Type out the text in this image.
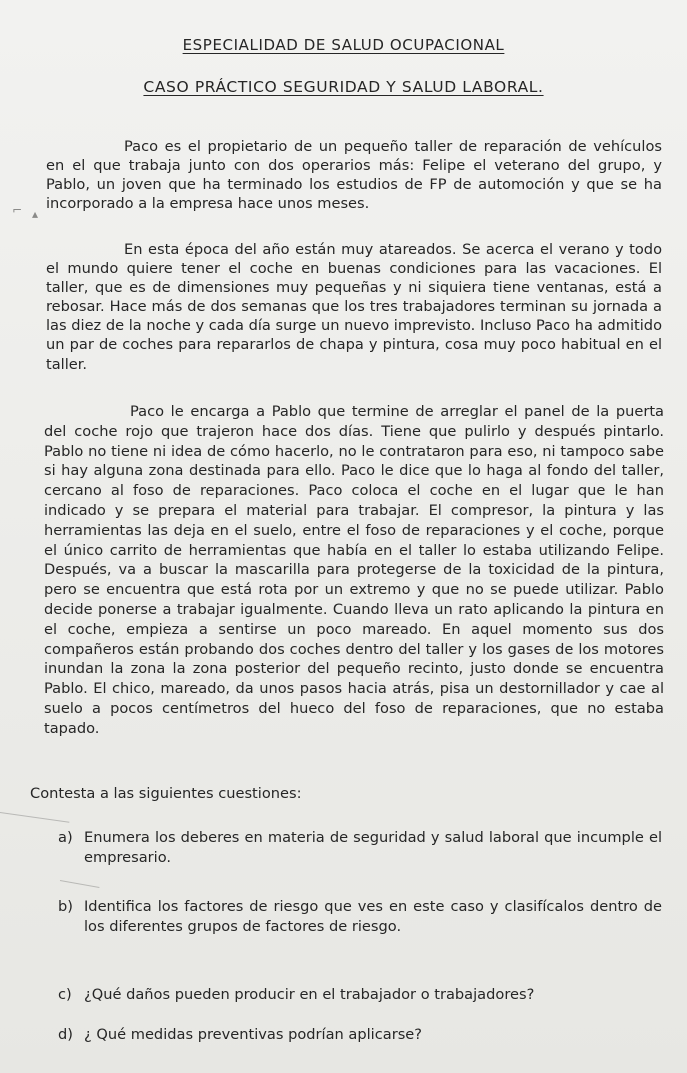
ESPECIALIDAD DE SALUD OCUPACIONAL
CASO PRÁCTICO SEGURIDAD Y SALUD LABORAL.
⌐ ▴

Paco es el propietario de un pequeño taller de reparación de vehículos en el que trabaja junto con dos operarios más: Felipe el veterano del grupo, y Pablo, un joven que ha terminado los estudios de FP de automoción y que se ha incorporado a la empresa hace unos meses.

En esta época del año están muy atareados. Se acerca el verano y todo el mundo quiere tener el coche en buenas condiciones para las vacaciones. El taller, que es de dimensiones muy pequeñas y ni siquiera tiene ventanas, está a rebosar. Hace más de dos semanas que los tres trabajadores terminan su jornada a las diez de la noche y cada día surge un nuevo imprevisto. Incluso Paco ha admitido un par de coches para repararlos de chapa y pintura, cosa muy poco habitual en el taller.

Paco le encarga a Pablo que termine de arreglar el panel de la puerta del coche rojo que trajeron hace dos días. Tiene que pulirlo y después pintarlo. Pablo no tiene ni idea de cómo hacerlo, no le contrataron para eso, ni tampoco sabe si hay alguna zona destinada para ello. Paco le dice que lo haga al fondo del taller, cercano al foso de reparaciones. Paco coloca el coche en el lugar que le han indicado y se prepara el material para trabajar. El compresor, la pintura y las herramientas las deja en el suelo, entre el foso de reparaciones y el coche, porque el único carrito de herramientas que había en el taller lo estaba utilizando Felipe. Después, va a buscar la mascarilla para protegerse de la toxicidad de la pintura, pero se encuentra que está rota por un extremo y que no se puede utilizar. Pablo decide ponerse a trabajar igualmente. Cuando lleva un rato aplicando la pintura en el coche, empieza a sentirse un poco mareado. En aquel momento sus dos compañeros están probando dos coches dentro del taller y los gases de los motores inundan la zona la zona posterior del pequeño recinto, justo donde se encuentra Pablo. El chico, mareado, da unos pasos hacia atrás, pisa un destornillador y cae al suelo a pocos centímetros del hueco del foso de reparaciones, que no estaba tapado.

Contesta a las siguientes cuestiones:

a) Enumera los deberes en materia de seguridad y salud laboral que incumple el empresario.
b) Identifica los factores de riesgo que ves en este caso y clasifícalos dentro de los diferentes grupos de factores de riesgo.
c) ¿Qué daños pueden producir en el trabajador o trabajadores?
d) ¿ Qué medidas preventivas podrían aplicarse?
